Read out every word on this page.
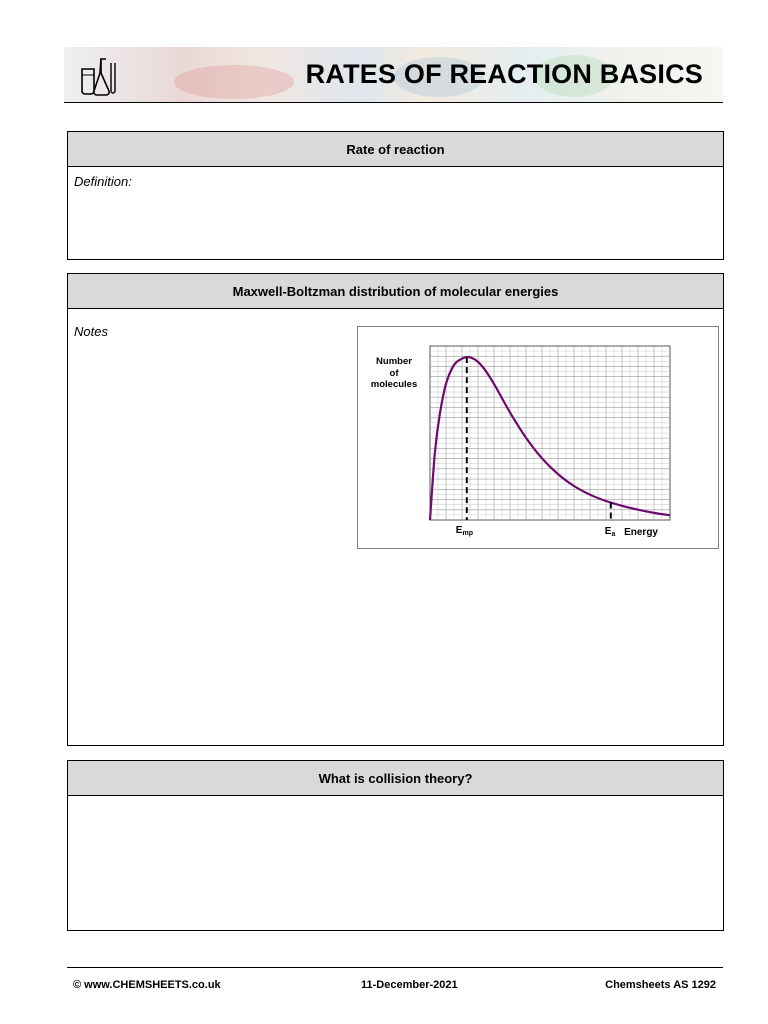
RATES OF REACTION BASICS
Rate of reaction
Definition:
Maxwell-Boltzman distribution of molecular energies
Notes
Number
of
molecules
$E_{mp}$	$E_a$ Energy
What is collision theory?
© www.CHEMSHEETS.co.uk	11-December-2021	Chemsheets AS 1292
